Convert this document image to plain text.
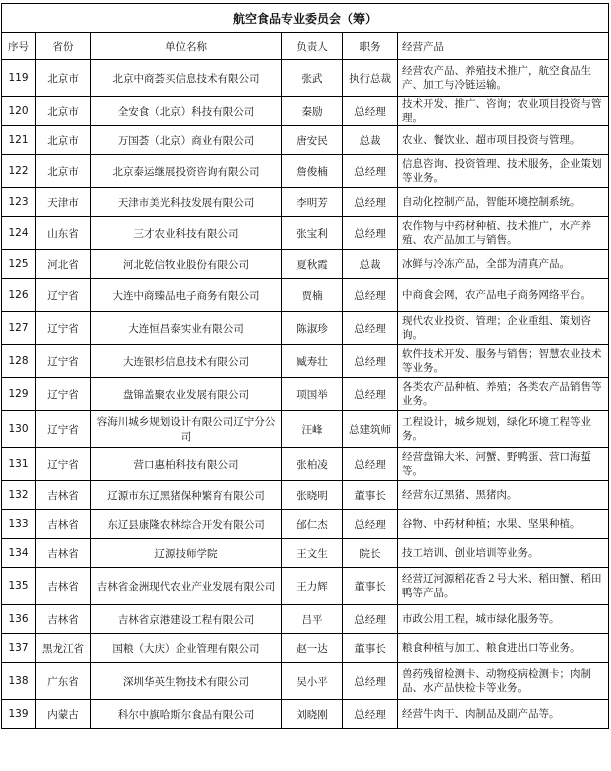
航空食品专业委员会（筹）					
序号	省份	单位名称	负责人	职务	经营产品
119	北京市	北京中商荟买信息技术有限公司	张武	执行总裁	经营农产品、养殖技术推广，航空食品生产、加工与冷链运输。
120	北京市	全安食（北京）科技有限公司	秦励	总经理	技术开发、推广、咨询；农业项目投资与管理。
121	北京市	万国荟（北京）商业有限公司	唐安民	总裁	农业、餐饮业、超市项目投资与管理。
122	北京市	北京泰运继展投资咨询有限公司	詹俊楠	总经理	信息咨询、投资管理、技术服务，企业策划等业务。
123	天津市	天津市美光科技发展有限公司	李明芳	总经理	自动化控制产品，智能环境控制系统。
124	山东省	三才农业科技有限公司	张宝利	总经理	农作物与中药材种植、技术推广，水产养殖、农产品加工与销售。
125	河北省	河北乾信牧业股份有限公司	夏秋霞	总裁	冰鲜与冷冻产品，全部为清真产品。
126	辽宁省	大连中商臻品电子商务有限公司	贾楠	总经理	中商食会网，农产品电子商务网络平台。
127	辽宁省	大连恒昌泰实业有限公司	陈淑珍	总经理	现代农业投资、管理；企业重组、策划咨询。
128	辽宁省	大连银杉信息技术有限公司	臧寿壮	总经理	软件技术开发、服务与销售；智慧农业技术等业务。
129	辽宁省	盘锦盖聚农业发展有限公司	项国举	总经理	各类农产品种植、养殖；各类农产品销售等业务。
130	辽宁省	容海川城乡规划设计有限公司辽宁分公司	汪峰	总建筑师	工程设计，城乡规划，绿化环境工程等业务。
131	辽宁省	营口惠柏科技有限公司	张柏凌	总经理	经营盘锦大米、河蟹、野鸭蛋、营口海蜇等。
132	吉林省	辽源市东辽黑猪保种繁育有限公司	张晓明	董事长	经营东辽黑猪、黑猪肉。
133	吉林省	东辽县康隆农林综合开发有限公司	邰仁杰	总经理	谷物、中药材种植；水果、坚果种植。
134	吉林省	辽源技师学院	王文生	院长	技工培训、创业培训等业务。
135	吉林省	吉林省金洲现代农业产业发展有限公司	王力辉	董事长	经营辽河源稻花香２号大米、稻田蟹、稻田鸭等产品。
136	吉林省	吉林省京港建设工程有限公司	吕平	总经理	市政公用工程，城市绿化服务等。
137	黑龙江省	国粮（大庆）企业管理有限公司	赵一达	董事长	粮食种植与加工、粮食进出口等业务。
138	广东省	深圳华英生物技术有限公司	吴小平	总经理	兽药残留检测卡、动物疫病检测卡；肉制品、水产品快检卡等业务。
139	内蒙古	科尔中旗哈斯尔食品有限公司	刘晓刚	总经理	经营牛肉干、肉制品及副产品等。
